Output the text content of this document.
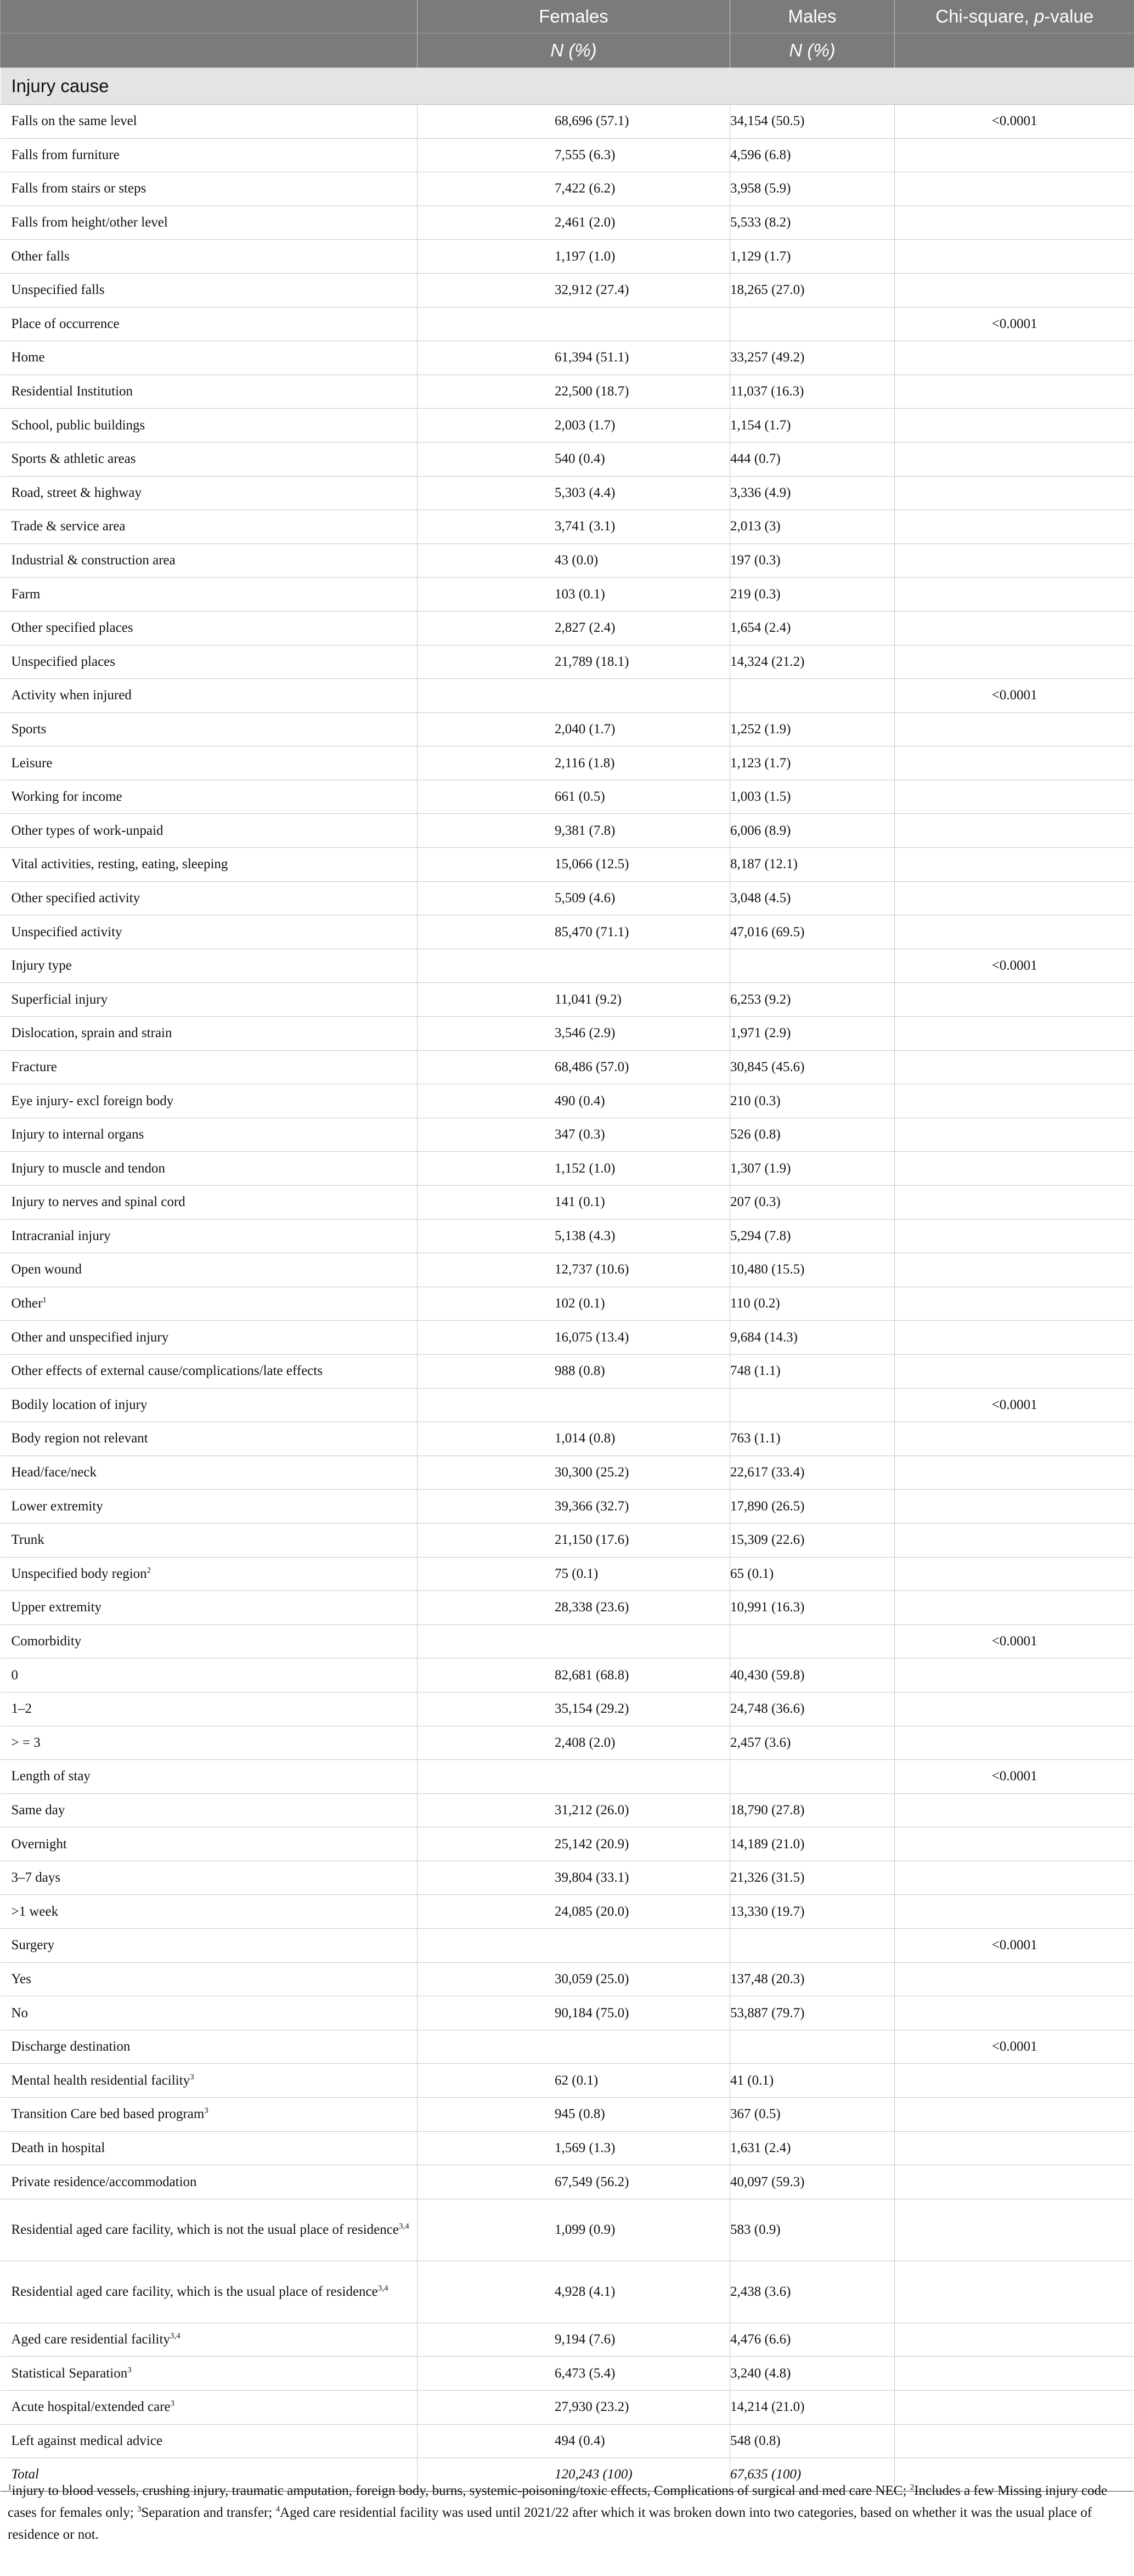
	Females	Males	Chi-square, p-value
	N (%)	N (%)	
Injury cause			
Falls on the same level	68,696 (57.1)	34,154 (50.5)	<0.0001
Falls from furniture	7,555 (6.3)	4,596 (6.8)	
Falls from stairs or steps	7,422 (6.2)	3,958 (5.9)	
Falls from height/other level	2,461 (2.0)	5,533 (8.2)	
Other falls	1,197 (1.0)	1,129 (1.7)	
Unspecified falls	32,912 (27.4)	18,265 (27.0)	
Place of occurrence			<0.0001
Home	61,394 (51.1)	33,257 (49.2)	
Residential Institution	22,500 (18.7)	11,037 (16.3)	
School, public buildings	2,003 (1.7)	1,154 (1.7)	
Sports & athletic areas	540 (0.4)	444 (0.7)	
Road, street & highway	5,303 (4.4)	3,336 (4.9)	
Trade & service area	3,741 (3.1)	2,013 (3)	
Industrial & construction area	43 (0.0)	197 (0.3)	
Farm	103 (0.1)	219 (0.3)	
Other specified places	2,827 (2.4)	1,654 (2.4)	
Unspecified places	21,789 (18.1)	14,324 (21.2)	
Activity when injured			<0.0001
Sports	2,040 (1.7)	1,252 (1.9)	
Leisure	2,116 (1.8)	1,123 (1.7)	
Working for income	661 (0.5)	1,003 (1.5)	
Other types of work-unpaid	9,381 (7.8)	6,006 (8.9)	
Vital activities, resting, eating, sleeping	15,066 (12.5)	8,187 (12.1)	
Other specified activity	5,509 (4.6)	3,048 (4.5)	
Unspecified activity	85,470 (71.1)	47,016 (69.5)	
Injury type			<0.0001
Superficial injury	11,041 (9.2)	6,253 (9.2)	
Dislocation, sprain and strain	3,546 (2.9)	1,971 (2.9)	
Fracture	68,486 (57.0)	30,845 (45.6)	
Eye injury- excl foreign body	490 (0.4)	210 (0.3)	
Injury to internal organs	347 (0.3)	526 (0.8)	
Injury to muscle and tendon	1,152 (1.0)	1,307 (1.9)	
Injury to nerves and spinal cord	141 (0.1)	207 (0.3)	
Intracranial injury	5,138 (4.3)	5,294 (7.8)	
Open wound	12,737 (10.6)	10,480 (15.5)	
Other$^1$	102 (0.1)	110 (0.2)	
Other and unspecified injury	16,075 (13.4)	9,684 (14.3)	
Other effects of external cause/complications/late effects	988 (0.8)	748 (1.1)	
Bodily location of injury			<0.0001
Body region not relevant	1,014 (0.8)	763 (1.1)	
Head/face/neck	30,300 (25.2)	22,617 (33.4)	
Lower extremity	39,366 (32.7)	17,890 (26.5)	
Trunk	21,150 (17.6)	15,309 (22.6)	
Unspecified body region$^2$	75 (0.1)	65 (0.1)	
Upper extremity	28,338 (23.6)	10,991 (16.3)	
Comorbidity			<0.0001
0	82,681 (68.8)	40,430 (59.8)	
1–2	35,154 (29.2)	24,748 (36.6)	
> = 3	2,408 (2.0)	2,457 (3.6)	
Length of stay			<0.0001
Same day	31,212 (26.0)	18,790 (27.8)	
Overnight	25,142 (20.9)	14,189 (21.0)	
3–7 days	39,804 (33.1)	21,326 (31.5)	
>1 week	24,085 (20.0)	13,330 (19.7)	
Surgery			<0.0001
Yes	30,059 (25.0)	137,48 (20.3)	
No	90,184 (75.0)	53,887 (79.7)	
Discharge destination			<0.0001
Mental health residential facility$^3$	62 (0.1)	41 (0.1)	
Transition Care bed based program$^3$	945 (0.8)	367 (0.5)	
Death in hospital	1,569 (1.3)	1,631 (2.4)	
Private residence/accommodation	67,549 (56.2)	40,097 (59.3)	
Residential aged care facility, which is not the usual place of residence$^{3,4}$	1,099 (0.9)	583 (0.9)	
Residential aged care facility, which is the usual place of residence$^{3,4}$	4,928 (4.1)	2,438 (3.6)	
Aged care residential facility$^{3,4}$	9,194 (7.6)	4,476 (6.6)	
Statistical Separation$^3$	6,473 (5.4)	3,240 (4.8)	
Acute hospital/extended care$^3$	27,930 (23.2)	14,214 (21.0)	
Left against medical advice	494 (0.4)	548 (0.8)	
Total	120,243 (100)	67,635 (100)	
$^1$injury to blood vessels, crushing injury, traumatic amputation, foreign body, burns, systemic-poisoning/toxic effects, Complications of surgical and med care NEC; $^2$Includes a few Missing injury code cases for females only; $^3$Separation and transfer; $^4$Aged care residential facility was used until 2021/22 after which it was broken down into two categories, based on whether it was the usual place of residence or not.
